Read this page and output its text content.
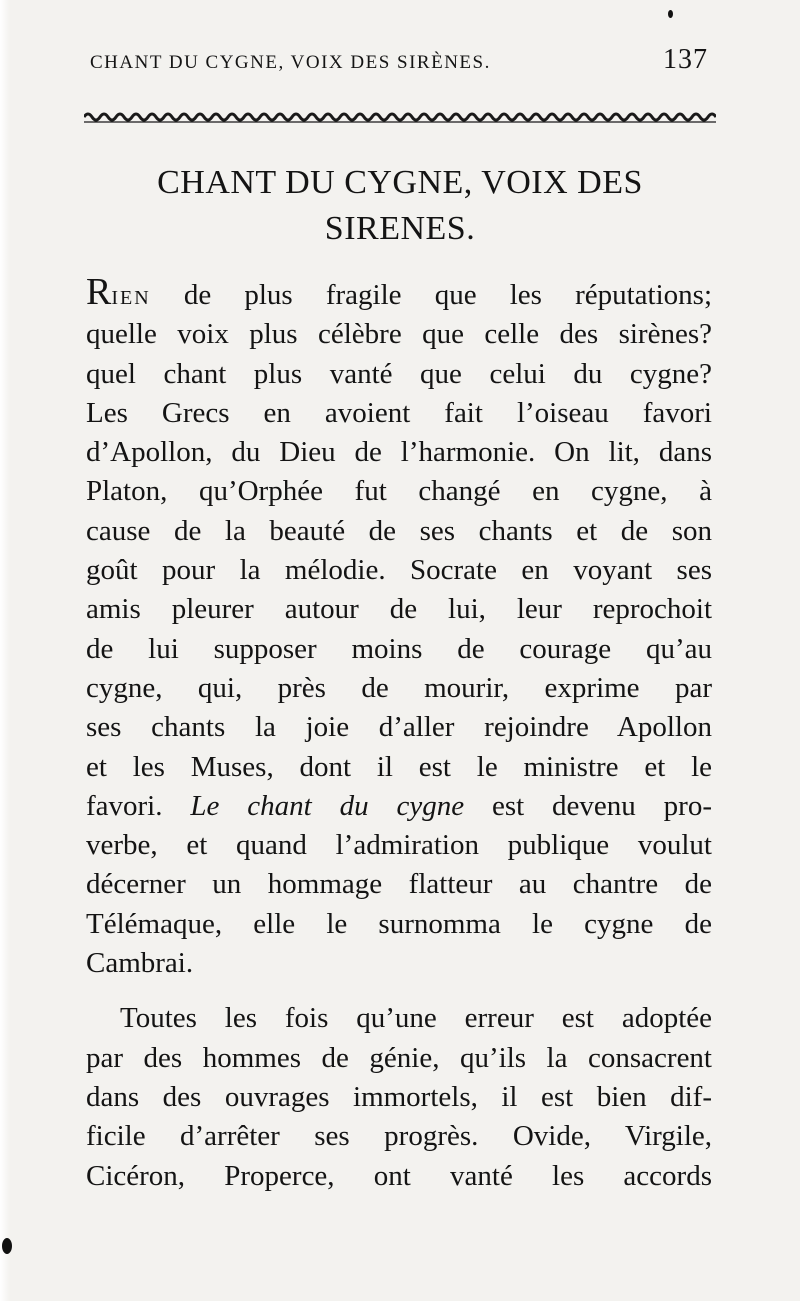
CHANT DU CYGNE, VOIX DES SIRÈNES.	137
CHANT DU CYGNE, VOIX DES
SIRENES.
RIEN de plus fragile que les réputations;
quelle voix plus célèbre que celle des sirènes?
quel chant plus vanté que celui du cygne?
Les Grecs en avoient fait l’oiseau favori
d’Apollon, du Dieu de l’harmonie. On lit, dans
Platon, qu’Orphée fut changé en cygne, à
cause de la beauté de ses chants et de son
goût pour la mélodie. Socrate en voyant ses
amis pleurer autour de lui, leur reprochoit
de lui supposer moins de courage qu’au
cygne, qui, près de mourir, exprime par
ses chants la joie d’aller rejoindre Apollon
et les Muses, dont il est le ministre et le
favori. Le chant du cygne est devenu pro-
verbe, et quand l’admiration publique voulut
décerner un hommage flatteur au chantre de
Télémaque, elle le surnomma le cygne de
Cambrai.
Toutes les fois qu’une erreur est adoptée
par des hommes de génie, qu’ils la consacrent
dans des ouvrages immortels, il est bien dif-
ficile d’arrêter ses progrès. Ovide, Virgile,
Cicéron, Properce, ont vanté les accords
